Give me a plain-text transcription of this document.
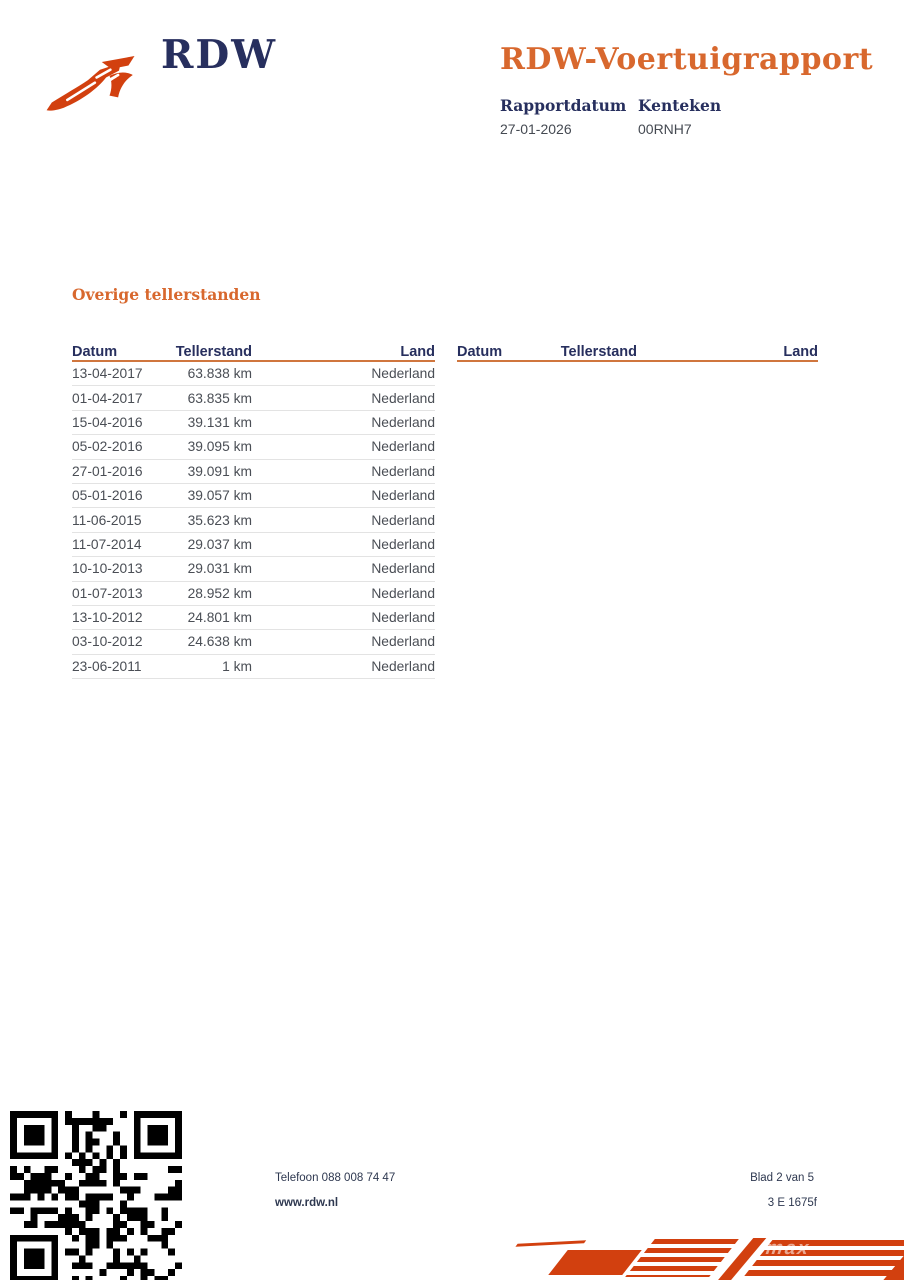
RDW	RDW-Voertuigrapport
Rapportdatum
27-01-2026
Kenteken
00RNH7
Overige tellerstanden
Datum	Tellerstand	Land
13-04-2017	63.838 km	Nederland
01-04-2017	63.835 km	Nederland
15-04-2016	39.131 km	Nederland
05-02-2016	39.095 km	Nederland
27-01-2016	39.091 km	Nederland
05-01-2016	39.057 km	Nederland
11-06-2015	35.623 km	Nederland
11-07-2014	29.037 km	Nederland
10-10-2013	29.031 km	Nederland
01-07-2013	28.952 km	Nederland
13-10-2012	24.801 km	Nederland
03-10-2012	24.638 km	Nederland
23-06-2011	1 km	Nederland
Datum	Tellerstand	Land
Telefoon 088 008 74 47
www.rdw.nl
Blad 2 van 5
3 E 1675f
max
